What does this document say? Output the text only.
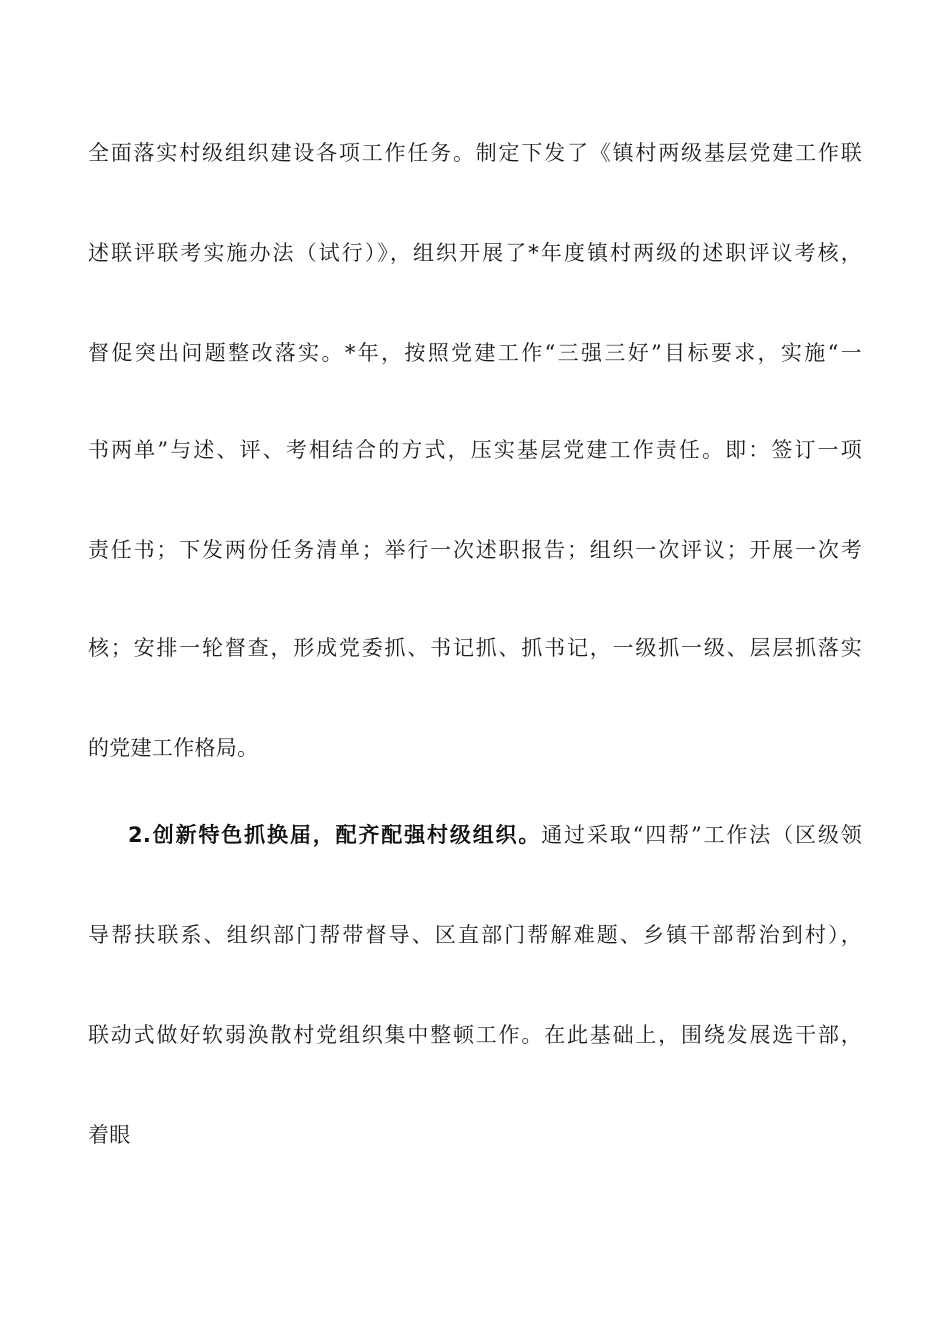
全面落实村级组织建设各项工作任务。制定下发了《镇村两级基层党建工作联
述联评联考实施办法（试行）》，组织开展了*年度镇村两级的述职评议考核，
督促突出问题整改落实。*年，按照党建工作“三强三好”目标要求，实施“一
书两单”与述、评、考相结合的方式，压实基层党建工作责任。即：签订一项
责任书；下发两份任务清单；举行一次述职报告；组织一次评议；开展一次考
核；安排一轮督查，形成党委抓、书记抓、抓书记，一级抓一级、层层抓落实
的党建工作格局。
2.创新特色抓换届，配齐配强村级组织。通过采取“四帮”工作法（区级领
导帮扶联系、组织部门帮带督导、区直部门帮解难题、乡镇干部帮治到村），
联动式做好软弱涣散村党组织集中整顿工作。在此基础上，围绕发展选干部，
着眼
